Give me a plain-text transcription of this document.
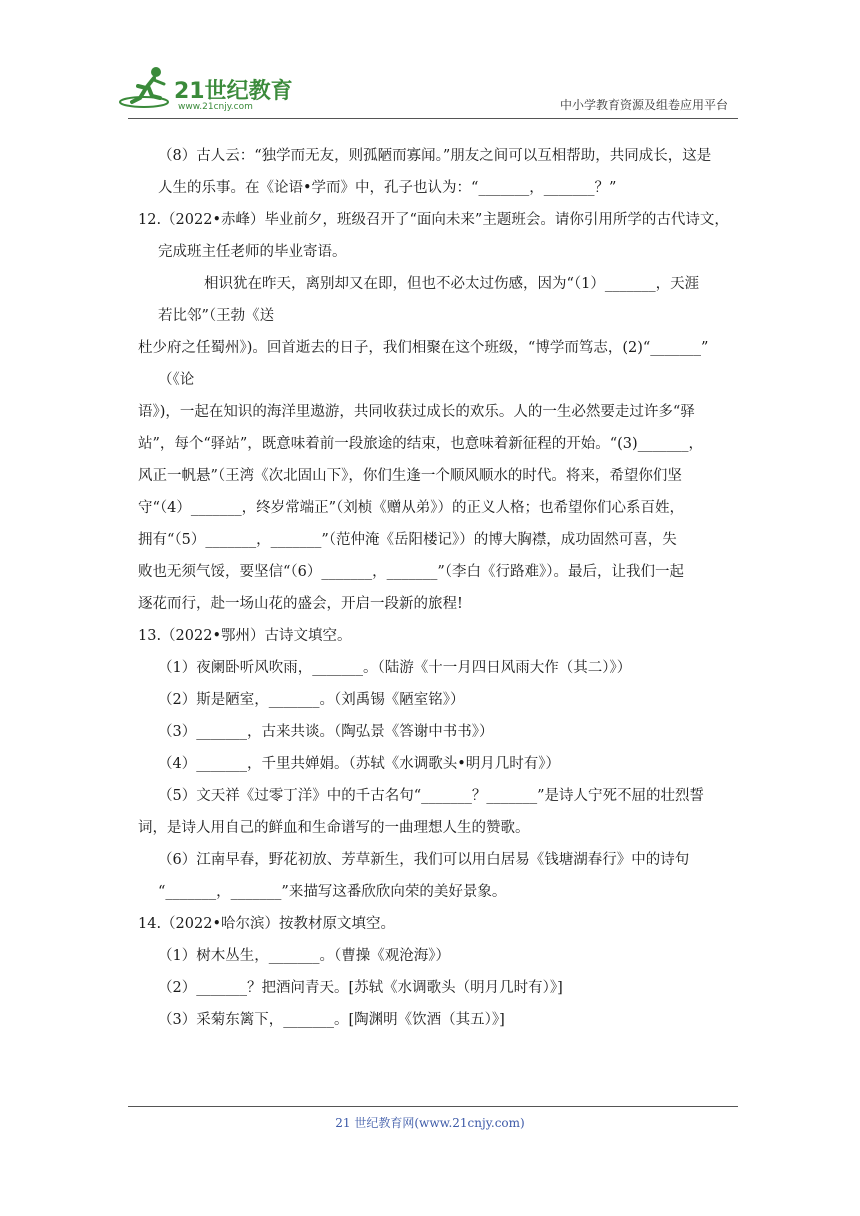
21世纪教育
www.21cnjy.com	中小学教育资源及组卷应用平台

（8）古人云：“独学而无友，则孤陋而寡闻。”朋友之间可以互相帮助，共同成长，这是

人生的乐事。在《论语•学而》中，孔子也认为：“_______，_______？”

12.（2022•赤峰）毕业前夕，班级召开了“面向未来”主题班会。请你引用所学的古代诗文，

完成班主任老师的毕业寄语。

相识犹在昨天，离别却又在即，但也不必太过伤感，因为“（1）_______，天涯

若比邻”（王勃《送

杜少府之任蜀州》)。回首逝去的日子，我们相聚在这个班级，“博学而笃志，(2)“_______”

（《论

语》)，一起在知识的海洋里遨游，共同收获过成长的欢乐。人的一生必然要走过许多“驿

站”，每个“驿站”，既意味着前一段旅途的结束，也意味着新征程的开始。“(3)_______，

风正一帆悬”（王湾《次北固山下》，你们生逢一个顺风顺水的时代。将来，希望你们坚

守“（4）_______，终岁常端正”（刘桢《赠从弟》）的正义人格；也希望你们心系百姓，

拥有“（5）_______，_______”（范仲淹《岳阳楼记》）的博大胸襟，成功固然可喜，失

败也无须气馁，要坚信“（6）_______，_______”（李白《行路难》）。最后，让我们一起

逐花而行，赴一场山花的盛会，开启一段新的旅程!

13.（2022•鄂州）古诗文填空。

（1）夜阑卧听风吹雨，_______。（陆游《十一月四日风雨大作（其二）》）

（2）斯是陋室，_______。（刘禹锡《陋室铭》）

（3）_______，古来共谈。（陶弘景《答谢中书书》）

（4）_______，千里共婵娟。（苏轼《水调歌头•明月几时有》）

（5）文天祥《过零丁洋》中的千古名句“_______？_______”是诗人宁死不屈的壮烈誓

词，是诗人用自己的鲜血和生命谱写的一曲理想人生的赞歌。

（6）江南早春，野花初放、芳草新生，我们可以用白居易《钱塘湖春行》中的诗句

“_______，_______”来描写这番欣欣向荣的美好景象。

14.（2022•哈尔滨）按教材原文填空。

（1）树木丛生，_______。（曹操《观沧海》）

（2）_______？把酒问青天。[苏轼《水调歌头（明月几时有）》]

（3）采菊东篱下，_______。[陶渊明《饮酒（其五）》]

21 世纪教育网(www.21cnjy.com)
